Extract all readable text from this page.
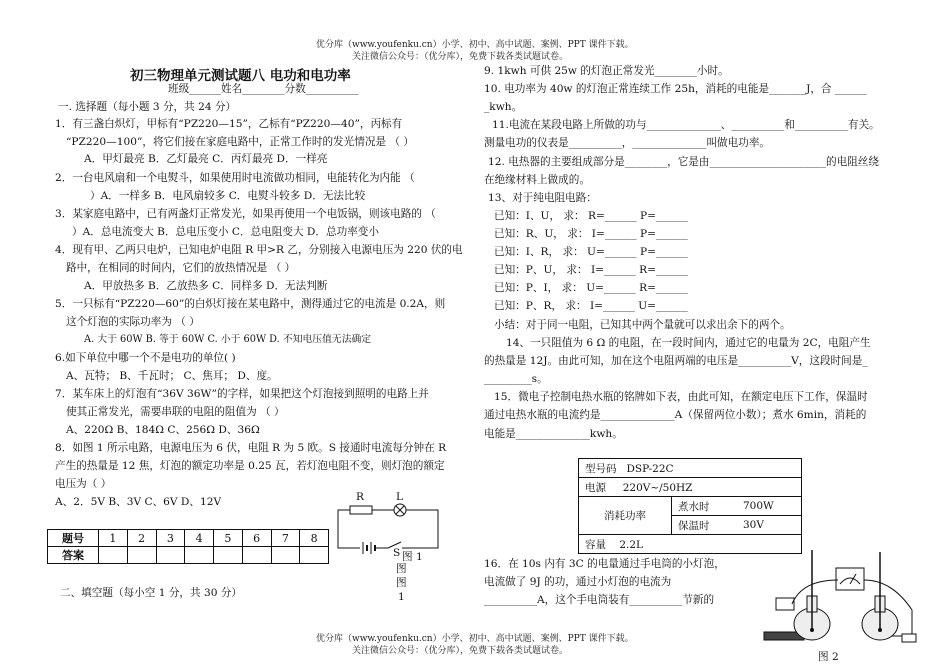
优分库（www.youfenku.cn）小学、初中、高中试题、案例、PPT 课件下载。
关注微信公众号：（优分库），免费下载各类试题试卷。
优分库（www.youfenku.cn）小学、初中、高中试题、案例、PPT 课件下载。
关注微信公众号：（优分库），免费下载各类试题试卷。
初三物理单元测试题八 电功和电功率
班级______姓名________分数__________
一. 选择题（每小题 3 分，共 24 分）
1．有三盏白炽灯，甲标有“PZ220—15”，乙标有“PZ220—40”，丙标有
“PZ220—100”，将它们接在家庭电路中，正常工作时的发光情况是 （ ）
A．甲灯最亮 B．乙灯最亮 C．丙灯最亮 D．一样亮
2．一台电风扇和一个电熨斗，如果使用时电流做功相同，电能转化为内能 （
）A．一样多 B．电风扇较多 C．电熨斗较多 D．无法比较
3．某家庭电路中，已有两盏灯正常发光，如果再使用一个电饭锅，则该电路的 （
）A．总电流变大 B．总电压变小 C．总电阻变大 D．总功率变小
4．现有甲、乙两只电炉，已知电炉电阻 R 甲>R 乙，分别接入电源电压为 220 伏的电
路中，在相同的时间内，它们的放热情况是 （ ）
A．甲放热多 B．乙放热多 C．同样多 D．无法判断
5．一只标有“PZ220—60”的白炽灯接在某电路中，测得通过它的电流是 0.2A，则
这个灯泡的实际功率为 （ ）
A. 大于 60W B. 等于 60W C. 小于 60W D. 不知电压值无法确定
6.如下单位中哪一个不是电功的单位( )
A、瓦特； B、千瓦时； C、焦耳； D、度。
7．某车床上的灯泡有“36V 36W”的字样，如果把这个灯泡接到照明的电路上并
使其正常发光，需要串联的电阻的阻值为 （ ）
A、220Ω B、184Ω C、256Ω D、36Ω
8．如图 1 所示电路，电源电压为 6 伏，电阻 R 为 5 欧。S 接通时电流每分钟在 R
产生的热量是 12 焦，灯泡的额定功率是 0.25 瓦，若灯泡电阻不变，则灯泡的额定
电压为（ ）
A、2．5V B、3V C、6V D、12V
题号	1	2	3	4	5	6	7	8
答案								
二、填空题（每小空 1 分，共 30 分）
R	L
S 图 1
图
图
1
9. 1kwh 可供 25w 的灯泡正常发光________小时。
10. 电功率为 40w 的灯泡正常连续工作 25h，消耗的电能是_______J，合 ______
_kwh。
11.电流在某段电路上所做的功与______________、__________和__________有关。
测量电功的仪表是__________，______________叫做电功率。
12. 电热器的主要组成部分是________，它是由______________________的电阻丝绕
在绝缘材料上做成的。
13、对于纯电阻电路：
已知：I、U， 求： R=______ P=______
已知：R、U， 求： I=______ P=______
已知：I、R， 求： U=______ P=______
已知：P、U， 求： I=______ R=______
已知：P、I， 求： U=______ R=______
已知：P、R， 求： I=______ U=______
小结：对于同一电阻，已知其中两个量就可以求出余下的两个。
14、一只阻值为 6 Ω 的电阻，在一段时间内，通过它的电量为 2C，电阻产生
的热量是 12J。由此可知，加在这个电阻两端的电压是__________V，这段时间是_
_________s。
15．微电子控制电热水瓶的铭牌如下表，由此可知，在额定电压下工作，保温时
通过电热水瓶的电流约是______________A（保留两位小数）；煮水 6min，消耗的
电能是______________kwh。
型号码 DSP-22C		
电源 220V~/50HZ		
消耗功率	煮水时	700W
	保温时	30V
容量 2.2L		
16．在 10s 内有 3C 的电量通过手电筒的小灯泡，
电流做了 9J 的功，通过小灯泡的电流为
__________A，这个手电筒装有__________节新的
图 2
